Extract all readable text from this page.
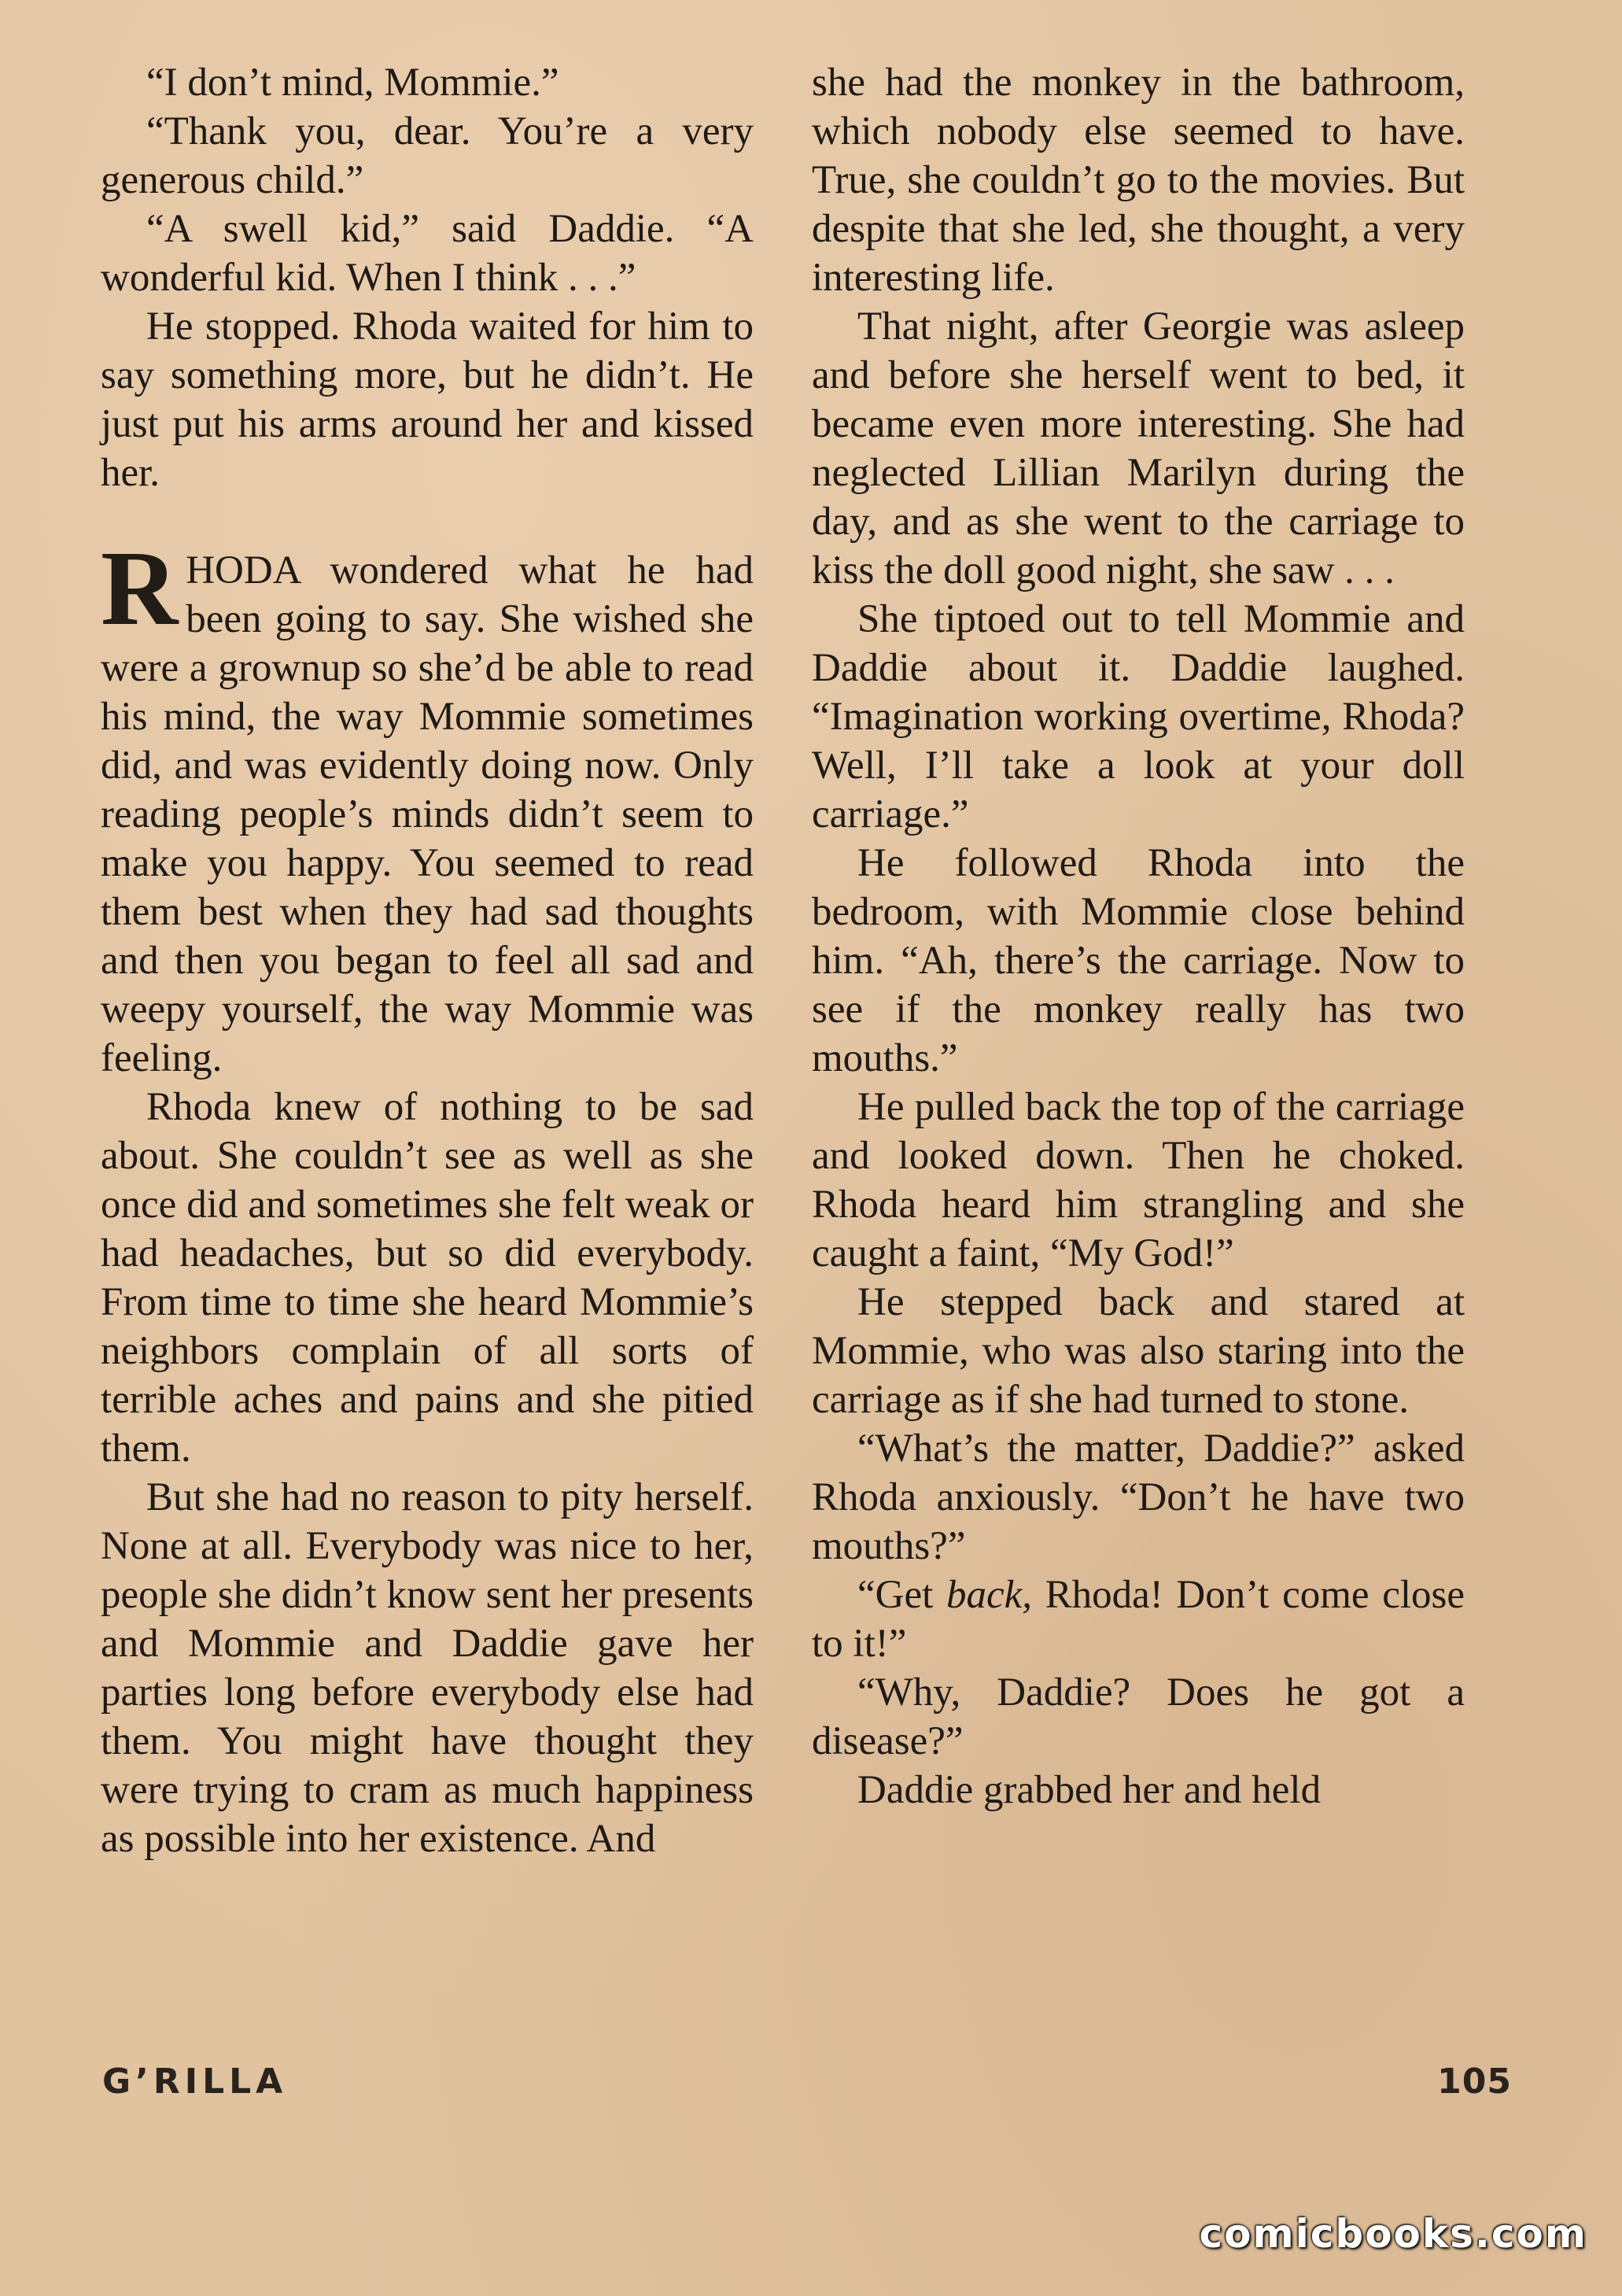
“I don’t mind, Mommie.”

“Thank you, dear. You’re a very generous child.”

“A swell kid,” said Daddie. “A wonderful kid. When I think . . .”

He stopped. Rhoda waited for him to say something more, but he didn’t. He just put his arms around her and kissed her.

RHODA wondered what he had been going to say. She wished she were a grownup so she’d be able to read his mind, the way Mommie sometimes did, and was evidently doing now. Only reading people’s minds didn’t seem to make you happy. You seemed to read them best when they had sad thoughts and then you began to feel all sad and weepy yourself, the way Mommie was feeling.

Rhoda knew of nothing to be sad about. She couldn’t see as well as she once did and sometimes she felt weak or had headaches, but so did everybody. From time to time she heard Mommie’s neighbors complain of all sorts of terrible aches and pains and she pitied them.

But she had no reason to pity herself. None at all. Everybody was nice to her, people she didn’t know sent her presents and Mommie and Daddie gave her parties long before everybody else had them. You might have thought they were trying to cram as much happiness as possible into her existence. And

she had the monkey in the bathroom, which nobody else seemed to have. True, she couldn’t go to the movies. But despite that she led, she thought, a very interesting life.

That night, after Georgie was asleep and before she herself went to bed, it became even more interesting. She had neglected Lillian Marilyn during the day, and as she went to the carriage to kiss the doll good night, she saw . . .

She tiptoed out to tell Mommie and Daddie about it. Daddie laughed. “Imagination working overtime, Rhoda? Well, I’ll take a look at your doll carriage.”

He followed Rhoda into the bedroom, with Mommie close behind him. “Ah, there’s the carriage. Now to see if the monkey really has two mouths.”

He pulled back the top of the carriage and looked down. Then he choked. Rhoda heard him strangling and she caught a faint, “My God!”

He stepped back and stared at Mommie, who was also staring into the carriage as if she had turned to stone.

“What’s the matter, Daddie?” asked Rhoda anxiously. “Don’t he have two mouths?”

“Get back, Rhoda! Don’t come close to it!”

“Why, Daddie? Does he got a disease?”

Daddie grabbed her and held

G’RILLA	105
comicbooks.com
